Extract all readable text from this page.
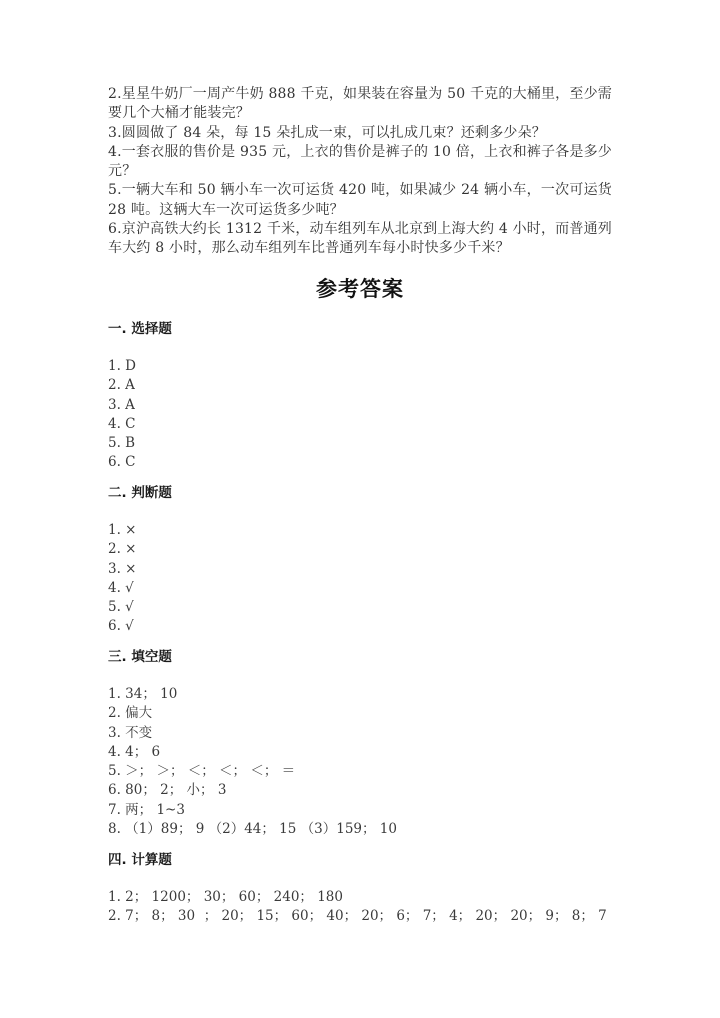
2.星星牛奶厂一周产牛奶 888 千克，如果装在容量为 50 千克的大桶里，至少需要几个大桶才能装完？

3.圆圆做了 84 朵，每 15 朵扎成一束，可以扎成几束？还剩多少朵？

4.一套衣服的售价是 935 元，上衣的售价是裤子的 10 倍，上衣和裤子各是多少元？

5.一辆大车和 50 辆小车一次可运货 420 吨，如果减少 24 辆小车，一次可运货 28 吨。这辆大车一次可运货多少吨？

6.京沪高铁大约长 1312 千米，动车组列车从北京到上海大约 4 小时，而普通列车大约 8 小时，那么动车组列车比普通列车每小时快多少千米？

参考答案

一. 选择题

1. D

2. A

3. A

4. C

5. B

6. C

二. 判断题

1. ×

2. ×

3. ×

4. √

5. √

6. √

三. 填空题

1. 34； 10

2. 偏大

3. 不变

4. 4； 6

5. ＞； ＞； ＜； ＜； ＜； ＝

6. 80； 2； 小； 3

7. 两； 1~3

8. （1）89； 9 （2）44； 15 （3）159； 10

四. 计算题

1. 2； 1200； 30； 60； 240； 180

2. 7； 8； 30  ； 20； 15； 60； 40； 20； 6； 7； 4； 20； 20； 9； 8； 7
